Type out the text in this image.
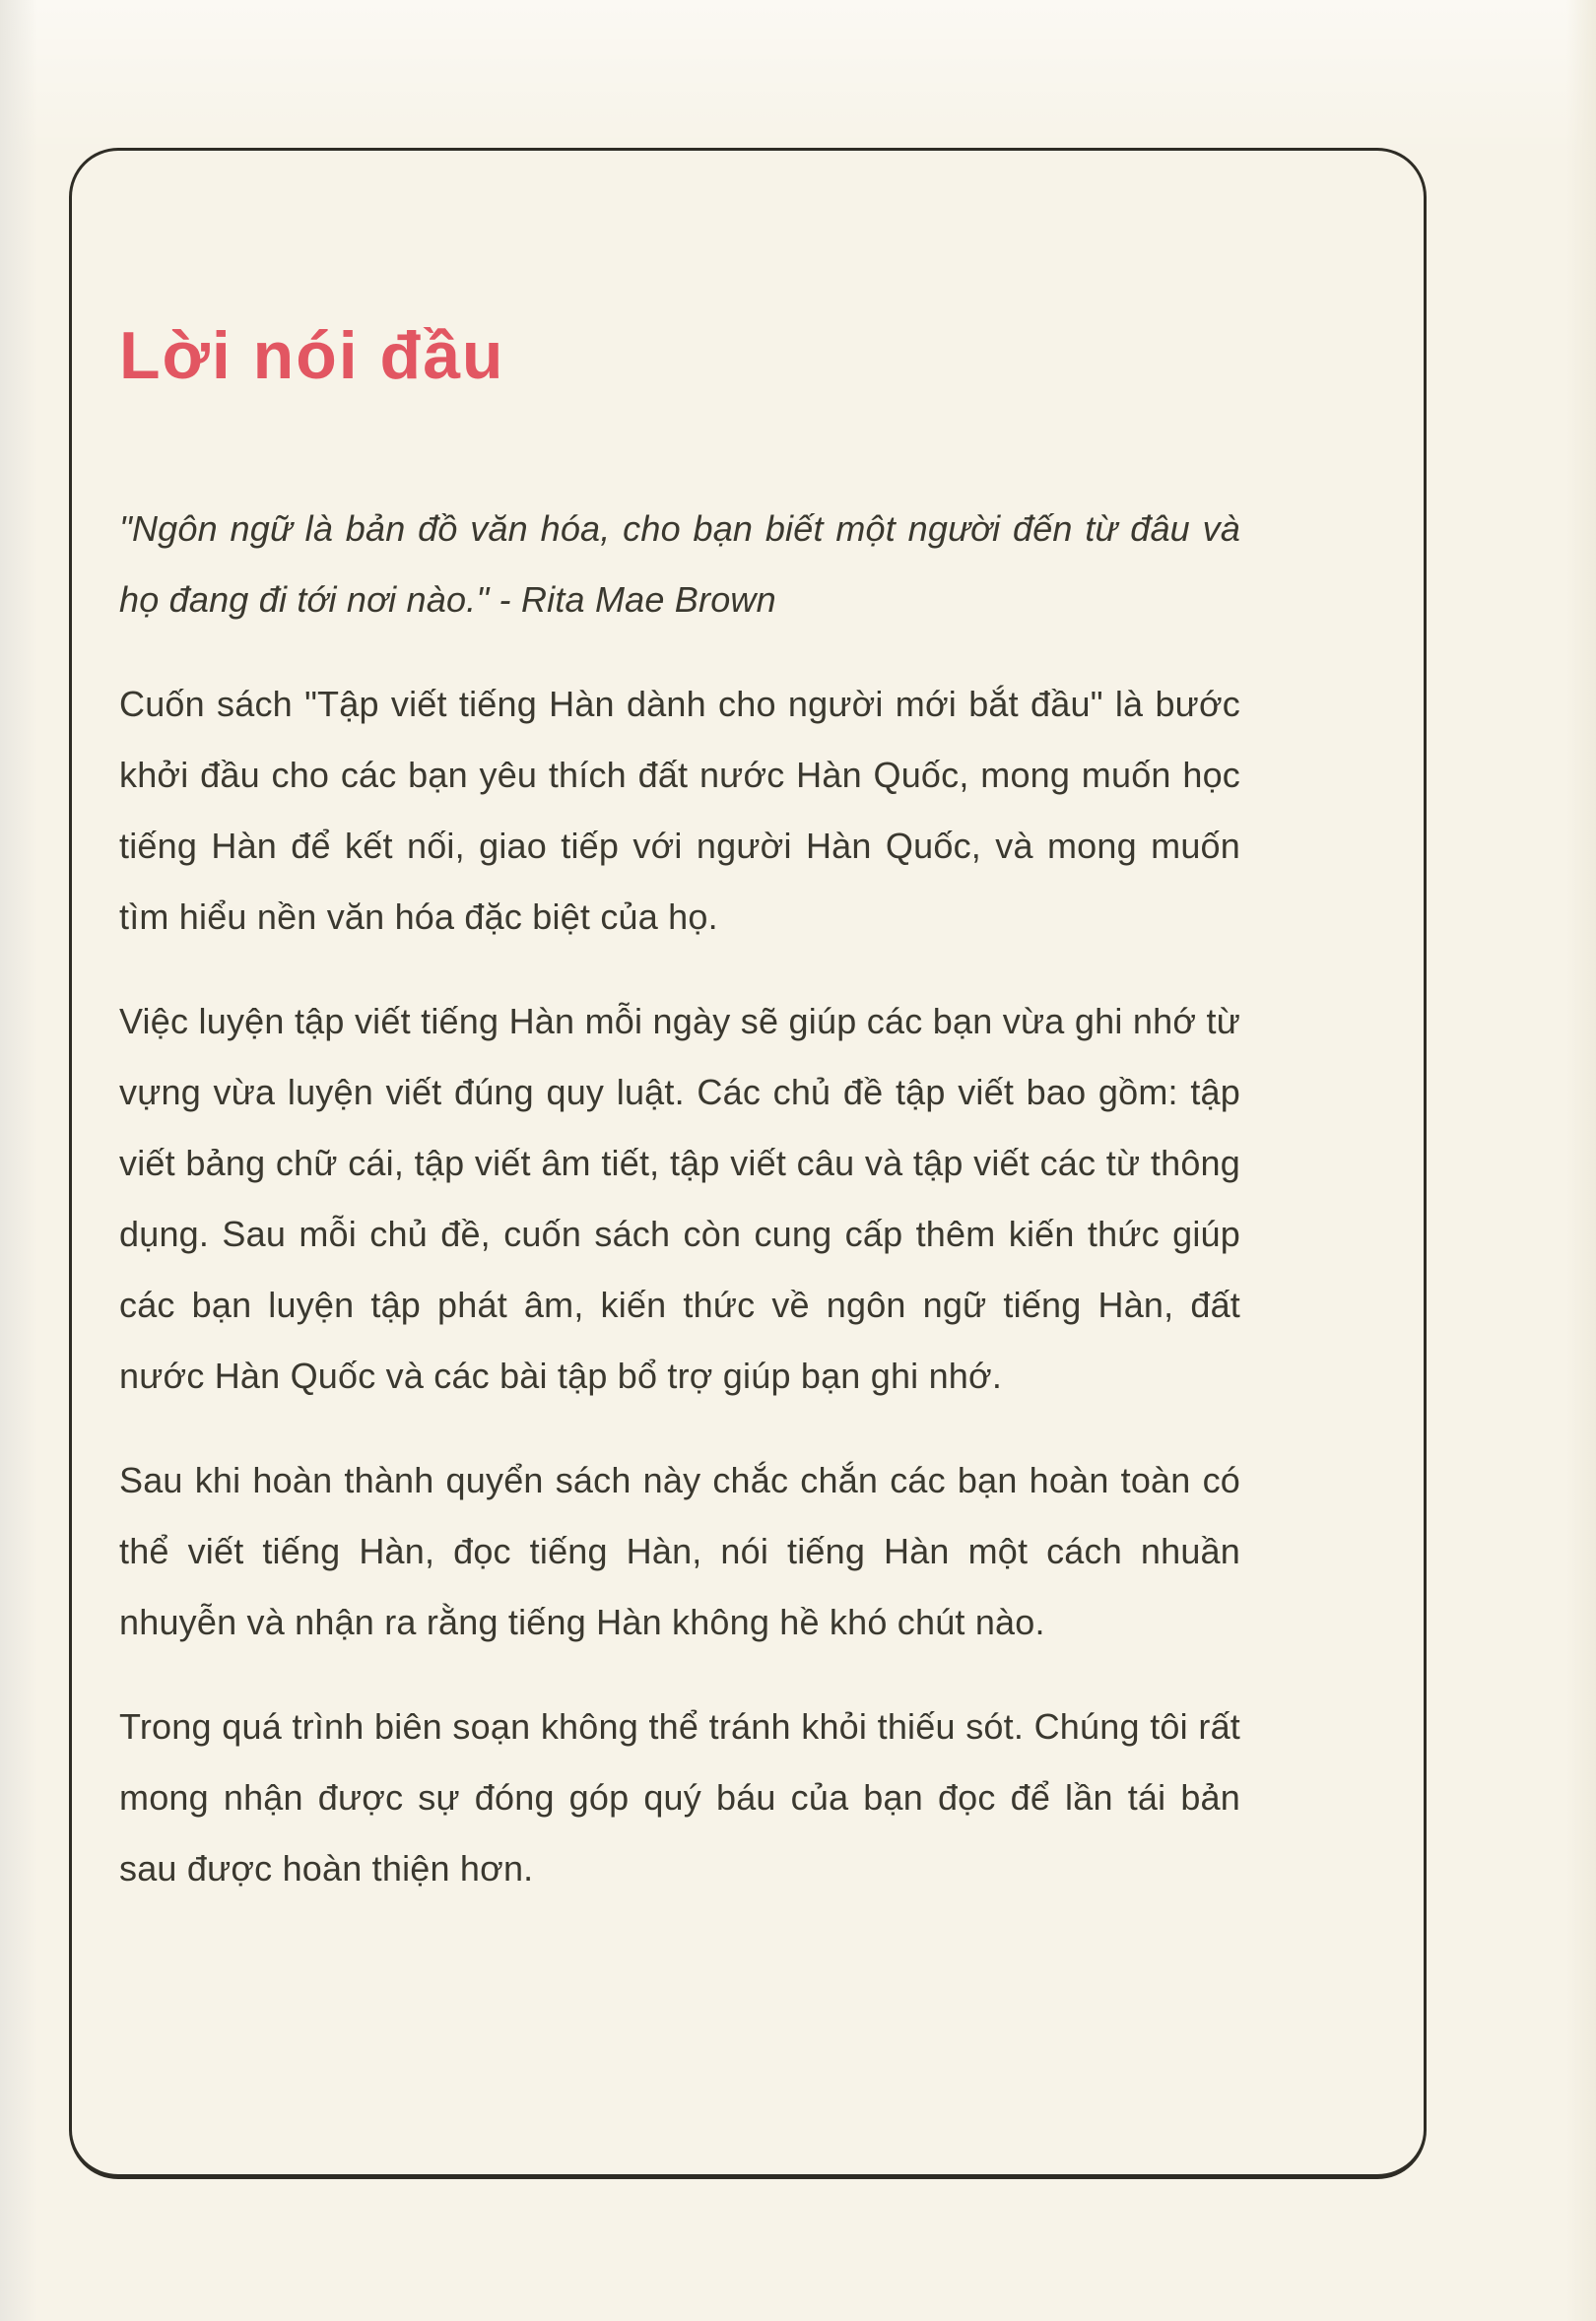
Lời nói đầu

"Ngôn ngữ là bản đồ văn hóa, cho bạn biết một người đến từ đâu và họ đang đi tới nơi nào." - Rita Mae Brown

Cuốn sách "Tập viết tiếng Hàn dành cho người mới bắt đầu" là bước khởi đầu cho các bạn yêu thích đất nước Hàn Quốc, mong muốn học tiếng Hàn để kết nối, giao tiếp với người Hàn Quốc, và mong muốn tìm hiểu nền văn hóa đặc biệt của họ.

Việc luyện tập viết tiếng Hàn mỗi ngày sẽ giúp các bạn vừa ghi nhớ từ vựng vừa luyện viết đúng quy luật. Các chủ đề tập viết bao gồm: tập viết bảng chữ cái, tập viết âm tiết, tập viết câu và tập viết các từ thông dụng. Sau mỗi chủ đề, cuốn sách còn cung cấp thêm kiến thức giúp các bạn luyện tập phát âm, kiến thức về ngôn ngữ tiếng Hàn, đất nước Hàn Quốc và các bài tập bổ trợ giúp bạn ghi nhớ.

Sau khi hoàn thành quyển sách này chắc chắn các bạn hoàn toàn có thể viết tiếng Hàn, đọc tiếng Hàn, nói tiếng Hàn một cách nhuần nhuyễn và nhận ra rằng tiếng Hàn không hề khó chút nào.

Trong quá trình biên soạn không thể tránh khỏi thiếu sót. Chúng tôi rất mong nhận được sự đóng góp quý báu của bạn đọc để lần tái bản sau được hoàn thiện hơn.
